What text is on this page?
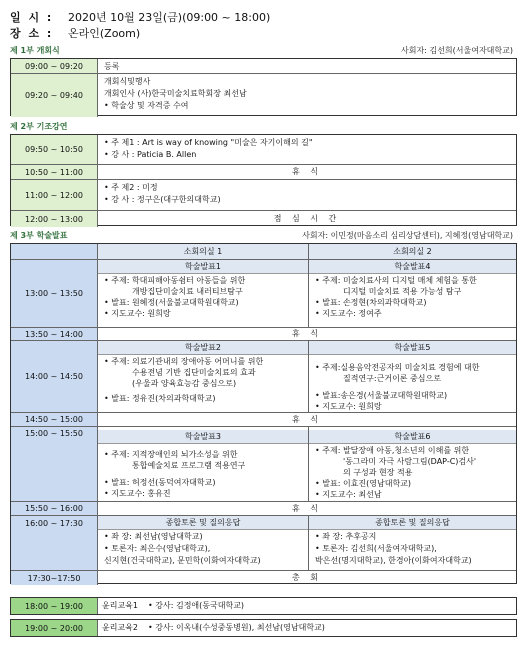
일 시 : 2020년 10월 23일(금)(09:00 ~ 18:00)
장 소 : 온라인(Zoom)
제 1부 개회식	사회자: 김선희(서울여자대학교)
09:00 ~ 09:20	등록
09:20 ~ 09:40
개회식및행사
개회인사 (사)한국미술치료학회장 최선남
• 학술상 및 자격증 수여
제 2부 기조강연
09:50 ~ 10:50
• 주 제1 : Art is way of knowing "미술은 자기이해의 길"
• 강 사 : Paticia B. Allen
10:50 ~ 11:00	휴 식
11:00 ~ 12:00
• 주 제2 : 미정
• 강 사 : 정구은(대구한의대학교)
12:00 ~ 13:00	점 심 시 간
제 3부 학술발표	사회자: 이민정(마음소리 심리상담센터), 지혜정(영남대학교)
소회의실 1	소회의실 2
13:00 ~ 13:50
학술발표1
• 주제: 학대피해아동쉼터 아동들을 위한
개방집단미술치료 내러티브탐구
• 발표: 원혜정(서울불교대학원대학교)
• 지도교수: 원희랑
학술발표4
• 주제: 미술치료사의 디지털 매체 체험을 통한
디지털 미술치료 적용 가능성 탐구
• 발표: 손정현(차의과학대학교)
• 지도교수: 정여주
13:50 ~ 14:00	휴 식
14:00 ~ 14:50
학술발표2
• 주제: 의료기관내의 장애아동 어머니를 위한
수용전념 기반 집단미술치료의 효과
(우울과 양육효능감 중심으로)
• 발표: 정유진(차의과학대학교)
학술발표5
• 주제:실용음악전공자의 미술치료 경험에 대한
질적연구:근거이론 중심으로
• 발표:송은경(서울불교대학원대학교)
• 지도교수: 원희랑
14:50 ~ 15:00	휴 식
15:00 ~ 15:50	학술발표3
• 주제: 지적장애인의 뇌가소성을 위한
통합예술치료 프로그램 적용연구
• 발표: 허정선(동덕여자대학교)
• 지도교수: 홍유진
학술발표6
• 주제: 발달장애 아동,청소년의 이해를 위한
'동그라미 자극 사람그림(DAP-C)검사'
의 구성과 현장 적용
• 발표: 이효진(영남대학교)
• 지도교수: 최선남
15:50 ~ 16:00	휴 식
16:00 ~ 17:30	종합토론 및 질의응답
• 좌 장: 최선남(영남대학교)
• 토론자: 최은수(영남대학교),
신지현(건국대학교), 문민학(이화여자대학교)
종합토론 및 질의응답
• 좌 장: 추후공지
• 토론자: 김선희(서울여자대학교),
박은선(명지대학교), 한경아(이화여자대학교)
17:30~17:50	총 회
18:00 ~ 19:00	윤리교육1 • 강사: 김정애(동국대학교)
19:00 ~ 20:00	윤리교육2 • 강사: 이옥내(수성중동병원), 최선남(영남대학교)
